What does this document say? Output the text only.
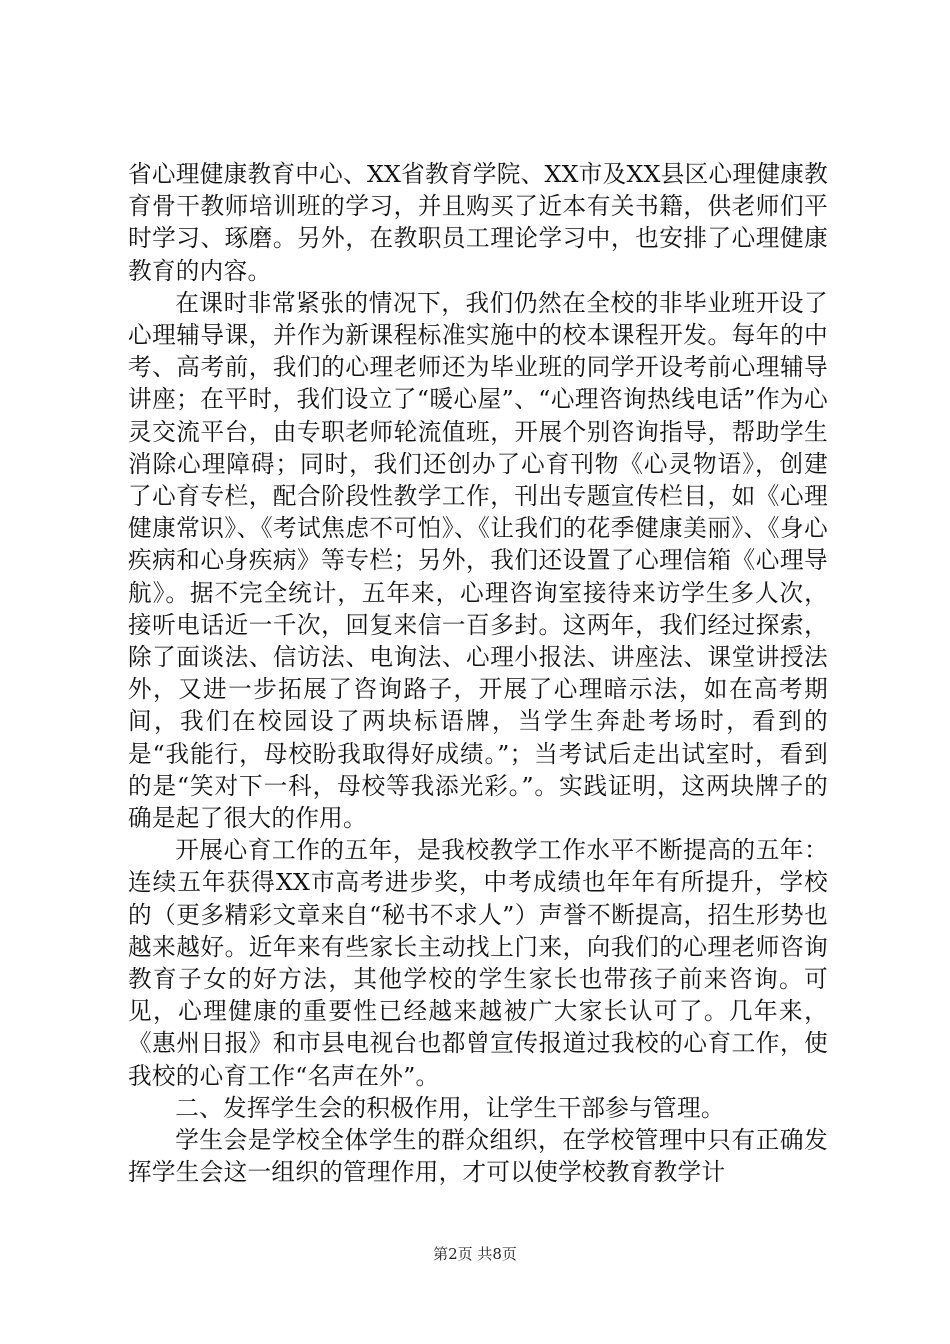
省心理健康教育中心、XX省教育学院、XX市及XX县区心理健康教育骨干教师培训班的学习，并且购买了近本有关书籍，供老师们平时学习、琢磨。另外，在教职员工理论学习中，也安排了心理健康教育的内容。

在课时非常紧张的情况下，我们仍然在全校的非毕业班开设了心理辅导课，并作为新课程标准实施中的校本课程开发。每年的中考、高考前，我们的心理老师还为毕业班的同学开设考前心理辅导讲座；在平时，我们设立了“暖心屋”、“心理咨询热线电话”作为心灵交流平台，由专职老师轮流值班，开展个别咨询指导，帮助学生消除心理障碍；同时，我们还创办了心育刊物《心灵物语》，创建了心育专栏，配合阶段性教学工作，刊出专题宣传栏目，如《心理健康常识》、《考试焦虑不可怕》、《让我们的花季健康美丽》、《身心疾病和心身疾病》等专栏；另外，我们还设置了心理信箱《心理导航》。据不完全统计，五年来，心理咨询室接待来访学生多人次，接听电话近一千次，回复来信一百多封。这两年，我们经过探索，除了面谈法、信访法、电询法、心理小报法、讲座法、课堂讲授法外，又进一步拓展了咨询路子，开展了心理暗示法，如在高考期间，我们在校园设了两块标语牌，当学生奔赴考场时，看到的是“我能行，母校盼我取得好成绩。”；当考试后走出试室时，看到的是“笑对下一科，母校等我添光彩。”。实践证明，这两块牌子的确是起了很大的作用。

开展心育工作的五年，是我校教学工作水平不断提高的五年：连续五年获得XX市高考进步奖，中考成绩也年年有所提升，学校的（更多精彩文章来自“秘书不求人”）声誉不断提高，招生形势也越来越好。近年来有些家长主动找上门来，向我们的心理老师咨询教育子女的好方法，其他学校的学生家长也带孩子前来咨询。可见，心理健康的重要性已经越来越被广大家长认可了。几年来，《惠州日报》和市县电视台也都曾宣传报道过我校的心育工作，使我校的心育工作“名声在外”。

二、发挥学生会的积极作用，让学生干部参与管理。

学生会是学校全体学生的群众组织，在学校管理中只有正确发挥学生会这一组织的管理作用，才可以使学校教育教学计

第2页 共8页
